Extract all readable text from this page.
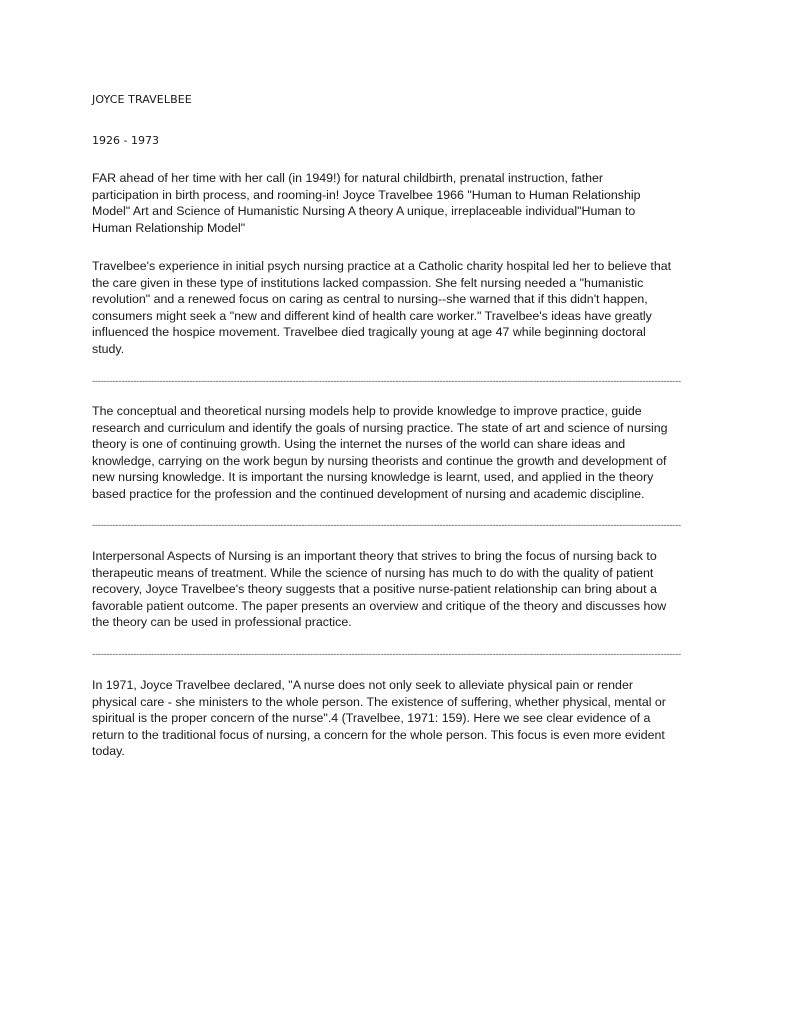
JOYCE TRAVELBEE
1926 - 1973
FAR ahead of her time with her call (in 1949!) for natural childbirth, prenatal instruction, father
participation in birth process, and rooming-in! Joyce Travelbee 1966 "Human to Human Relationship
Model" Art and Science of Humanistic Nursing A theory A unique, irreplaceable individual"Human to
Human Relationship Model"
Travelbee's experience in initial psych nursing practice at a Catholic charity hospital led her to believe that
the care given in these type of institutions lacked compassion. She felt nursing needed a "humanistic
revolution" and a renewed focus on caring as central to nursing--she warned that if this didn't happen,
consumers might seek a "new and different kind of health care worker." Travelbee's ideas have greatly
influenced the hospice movement. Travelbee died tragically young at age 47 while beginning doctoral
study.
--------------------------------------------------------------------------------------------------------------------------------------------------------------------------------------------------------
The conceptual and theoretical nursing models help to provide knowledge to improve practice, guide
research and curriculum and identify the goals of nursing practice. The state of art and science of nursing
theory is one of continuing growth. Using the internet the nurses of the world can share ideas and
knowledge, carrying on the work begun by nursing theorists and continue the growth and development of
new nursing knowledge. It is important the nursing knowledge is learnt, used, and applied in the theory
based practice for the profession and the continued development of nursing and academic discipline.
--------------------------------------------------------------------------------------------------------------------------------------------------------------------------------------------------------
Interpersonal Aspects of Nursing is an important theory that strives to bring the focus of nursing back to
therapeutic means of treatment. While the science of nursing has much to do with the quality of patient
recovery, Joyce Travelbee's theory suggests that a positive nurse-patient relationship can bring about a
favorable patient outcome. The paper presents an overview and critique of the theory and discusses how
the theory can be used in professional practice.
--------------------------------------------------------------------------------------------------------------------------------------------------------------------------------------------------------
In 1971, Joyce Travelbee declared, "A nurse does not only seek to alleviate physical pain or render
physical care - she ministers to the whole person. The existence of suffering, whether physical, mental or
spiritual is the proper concern of the nurse".4 (Travelbee, 1971: 159). Here we see clear evidence of a
return to the traditional focus of nursing, a concern for the whole person. This focus is even more evident
today.
